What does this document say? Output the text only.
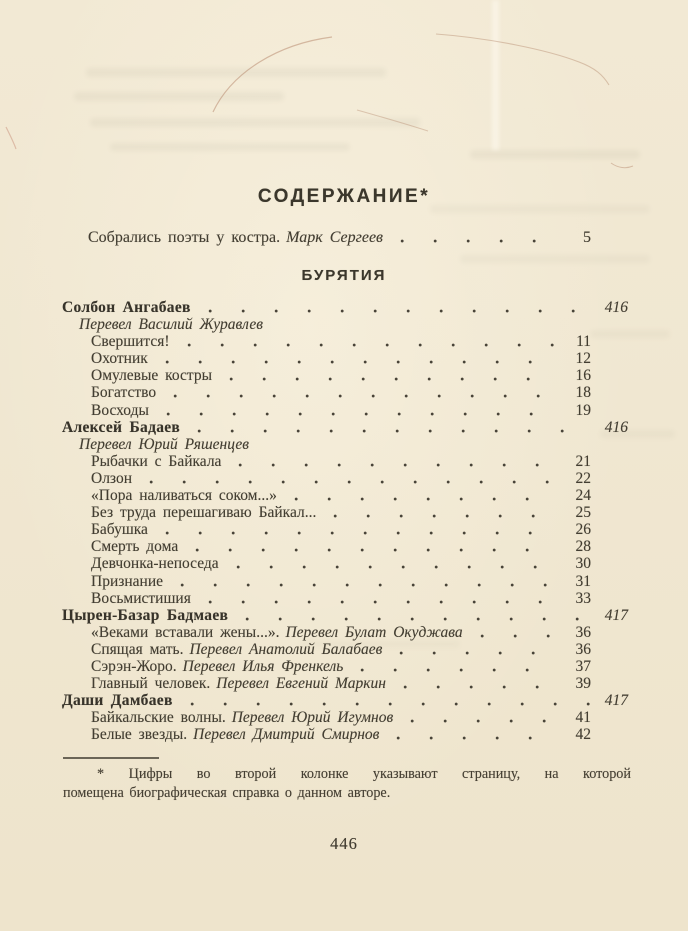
СОДЕРЖАНИЕ*
Собрались поэты у костра. Марк Сергеев	5
БУРЯТИЯ
Солбон Ангабаев	416
Перевел Василий Журавлев
Свершится!	11
Охотник	12
Омулевые костры	16
Богатство	18
Восходы	19
Алексей Бадаев	416
Перевел Юрий Ряшенцев
Рыбачки с Байкала	21
Олзон	22
«Пора наливаться соком...»	24
Без труда перешагиваю Байкал...	25
Бабушка	26
Смерть дома	28
Девчонка-непоседа	30
Признание	31
Восьмистишия	33
Цырен-Базар Бадмаев	417
«Веками вставали жены...». Перевел Булат Окуджава	36
Спящая мать. Перевел Анатолий Балабаев	36
Сэрэн-Жоро. Перевел Илья Френкель	37
Главный человек. Перевел Евгений Маркин	39
Даши Дамбаев	417
Байкальские волны. Перевел Юрий Игумнов	41
Белые звезды. Перевел Дмитрий Смирнов	42
* Цифры во второй колонке указывают страницу, на которой
помещена биографическая справка о данном авторе.
446
